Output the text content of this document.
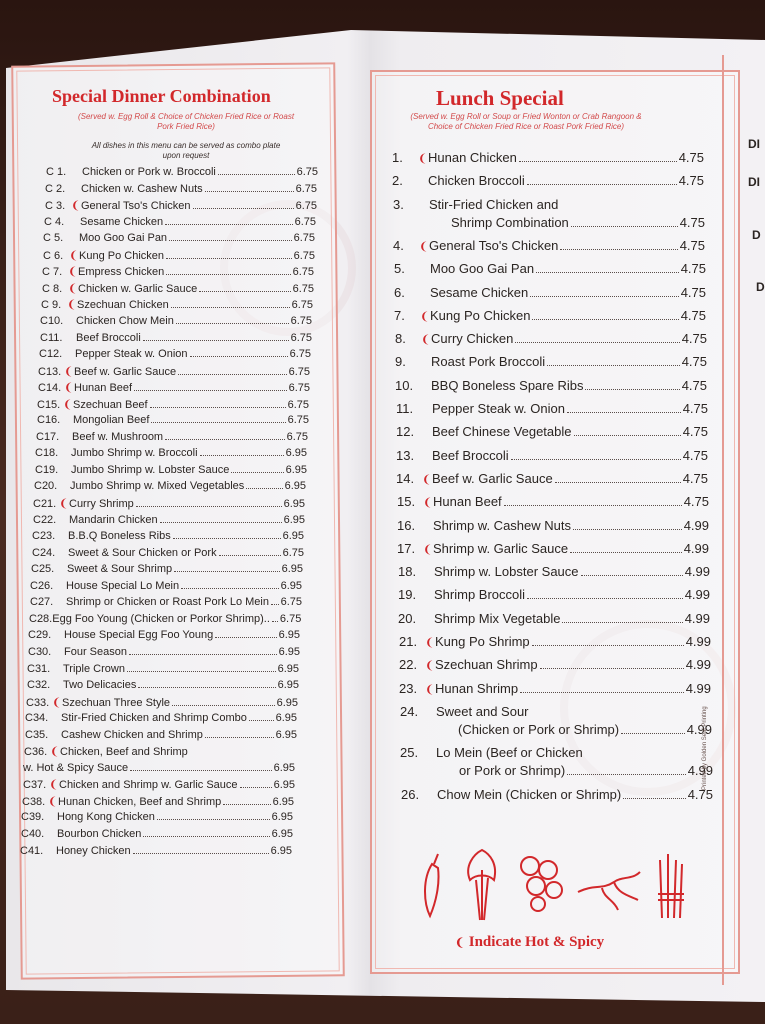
Special Dinner Combination
(Served w. Egg Roll & Choice of Chicken Fried Rice or Roast Pork Fried Rice)
All dishes in this menu can be served as combo plate upon request
C 1.	Chicken or Pork w. Broccoli	6.75
C 2.	Chicken w. Cashew Nuts	6.75
C 3. ❨ General Tso's Chicken	6.75
C 4.	Sesame Chicken	6.75
C 5.	Moo Goo Gai Pan	6.75
C 6. ❨ Kung Po Chicken	6.75
C 7. ❨ Empress Chicken	6.75
C 8. ❨ Chicken w. Garlic Sauce	6.75
C 9. ❨ Szechuan Chicken	6.75
C10. Chicken Chow Mein	6.75
C11.	Beef Broccoli	6.75
C12. Pepper Steak w. Onion	6.75
C13. ❨ Beef w. Garlic Sauce	6.75
C14. ❨ Hunan Beef	6.75
C15. ❨ Szechuan Beef	6.75
C16. Mongolian Beef	6.75
C17. Beef w. Mushroom	6.75
C18. Jumbo Shrimp w. Broccoli	6.95
C19. Jumbo Shrimp w. Lobster Sauce	6.95
C20. Jumbo Shrimp w. Mixed Vegetables	6.95
C21. ❨ Curry Shrimp	6.95
C22. Mandarin Chicken	6.95
C23. B.B.Q Boneless Ribs	6.95
C24. Sweet & Sour Chicken or Pork	6.75
C25. Sweet & Sour Shrimp	6.95
C26. House Special Lo Mein	6.95
C27. Shrimp or Chicken or Roast Pork Lo Mein 6.75
C28. Egg Foo Young (Chicken or Porkor Shrimp).. 6.75
C29. House Special Egg Foo Young	6.95
C30. Four Season	6.95
C31. Triple Crown	6.95
C32. Two Delicacies	6.95
C33. ❨ Szechuan Three Style	6.95
C34. Stir-Fried Chicken and Shrimp Combo	6.95
C35. Cashew Chicken and Shrimp	6.95
C36. ❨ Chicken, Beef and Shrimp
w. Hot & Spicy Sauce	6.95
C37. ❨ Chicken and Shrimp w. Garlic Sauce	6.95
C38. ❨ Hunan Chicken, Beef and Shrimp	6.95
C39. Hong Kong Chicken	6.95
C40. Bourbon Chicken	6.95
C41. Honey Chicken	6.95
Lunch Special
(Served w. Egg Roll or Soup or Fried Wonton or Crab Rangoon & Choice of Chicken Fried Rice or Roast Pork Fried Rice)
1.	❨ Hunan Chicken	4.75
2.	Chicken Broccoli	4.75
3.	Stir-Fried Chicken and
Shrimp Combination	4.75
4.	❨ General Tso's Chicken	4.75
5.	Moo Goo Gai Pan	4.75
6.	Sesame Chicken	4.75
7.	❨ Kung Po Chicken	4.75
8.	❨ Curry Chicken	4.75
9.	Roast Pork Broccoli	4.75
10.	BBQ Boneless Spare Ribs	4.75
11.	Pepper Steak w. Onion	4.75
12.	Beef Chinese Vegetable	4.75
13.	Beef Broccoli	4.75
14. ❨ Beef w. Garlic Sauce	4.75
15. ❨ Hunan Beef	4.75
16.	Shrimp w. Cashew Nuts	4.99
17. ❨ Shrimp w. Garlic Sauce	4.99
18.	Shrimp w. Lobster Sauce	4.99
19.	Shrimp Broccoli	4.99
20.	Shrimp Mix Vegetable	4.99
21. ❨ Kung Po Shrimp	4.99
22. ❨ Szechuan Shrimp	4.99
23. ❨ Hunan Shrimp	4.99
24.	Sweet and Sour
(Chicken or Pork or Shrimp)	4.99
25.	Lo Mein (Beef or Chicken
or Pork or Shrimp)	4.99
26.	Chow Mein (Chicken or Shrimp)	4.75
❨ Indicate Hot & Spicy
Printed by Golden Seal Printing
DI
DI
D
D
